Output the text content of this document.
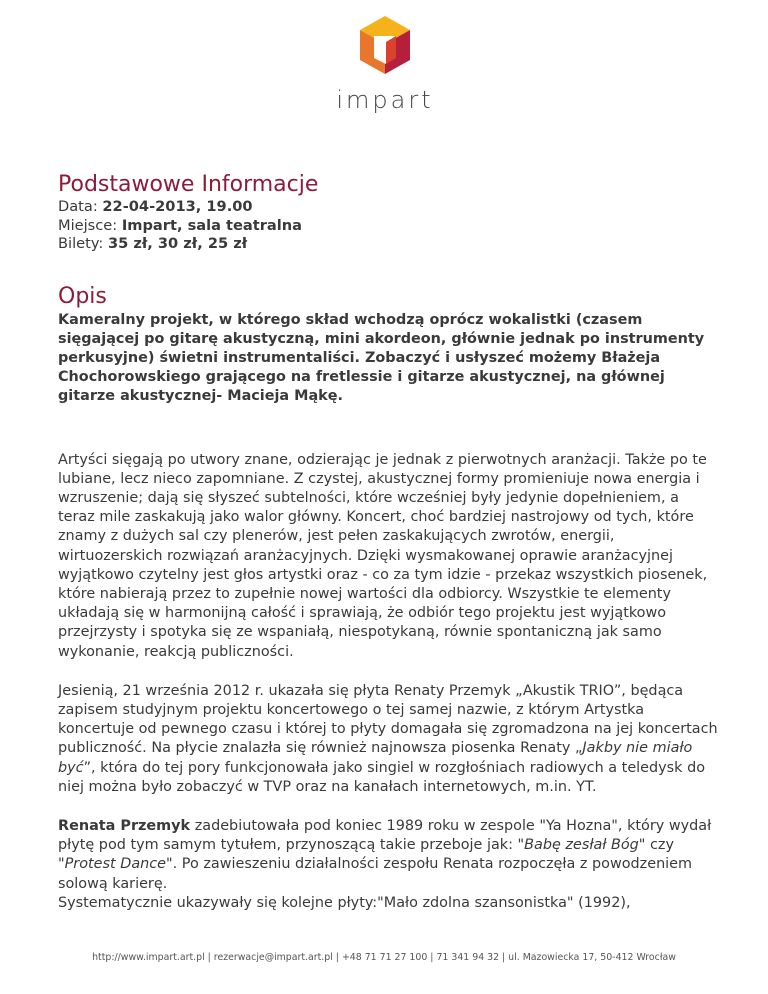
impart
Podstawowe Informacje
Data: 22-04-2013, 19.00
Miejsce: Impart, sala teatralna
Bilety: 35 zł, 30 zł, 25 zł
Opis
Kameralny projekt, w którego skład wchodzą oprócz wokalistki (czasem sięgającej po gitarę akustyczną, mini akordeon, głównie jednak po instrumenty perkusyjne) świetni instrumentaliści. Zobaczyć i usłyszeć możemy Błażeja Chochorowskiego grającego na fretlessie i gitarze akustycznej, na głównej gitarze akustycznej- Macieja Mąkę.
Artyści sięgają po utwory znane, odzierając je jednak z pierwotnych aranżacji. Także po te lubiane, lecz nieco zapomniane. Z czystej, akustycznej formy promieniuje nowa energia i wzruszenie; dają się słyszeć subtelności, które wcześniej były jedynie dopełnieniem, a teraz mile zaskakują jako walor główny. Koncert, choć bardziej nastrojowy od tych, które znamy z dużych sal czy plenerów, jest pełen zaskakujących zwrotów, energii, wirtuozerskich rozwiązań aranżacyjnych. Dzięki wysmakowanej oprawie aranżacyjnej wyjątkowo czytelny jest głos artystki oraz - co za tym idzie - przekaz wszystkich piosenek, które nabierają przez to zupełnie nowej wartości dla odbiorcy. Wszystkie te elementy układają się w harmonijną całość i sprawiają, że odbiór tego projektu jest wyjątkowo przejrzysty i spotyka się ze wspaniałą, niespotykaną, równie spontaniczną jak samo wykonanie, reakcją publiczności.
Jesienią, 21 września 2012 r. ukazała się płyta Renaty Przemyk „Akustik TRIO”, będąca zapisem studyjnym projektu koncertowego o tej samej nazwie, z którym Artystka koncertuje od pewnego czasu i której to płyty domagała się zgromadzona na jej koncertach publiczność. Na płycie znalazła się również najnowsza piosenka Renaty „Jakby nie miało być”, która do tej pory funkcjonowała jako singiel w rozgłośniach radiowych a teledysk do niej można było zobaczyć w TVP oraz na kanałach internetowych, m.in. YT.
Renata Przemyk zadebiutowała pod koniec 1989 roku w zespole "Ya Hozna", który wydał płytę pod tym samym tytułem, przynoszącą takie przeboje jak: "Babę zesłał Bóg" czy "Protest Dance". Po zawieszeniu działalności zespołu Renata rozpoczęła z powodzeniem solową karierę.
Systematycznie ukazywały się kolejne płyty:"Mało zdolna szansonistka" (1992),
http://www.impart.art.pl | rezerwacje@impart.art.pl | +48 71 71 27 100 | 71 341 94 32 | ul. Mazowiecka 17, 50-412 Wrocław
